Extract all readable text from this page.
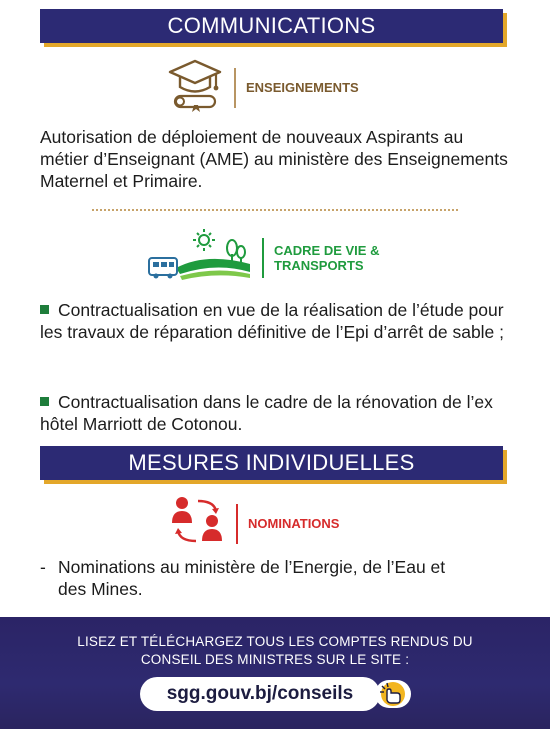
COMMUNICATIONS
ENSEIGNEMENTS
Autorisation de déploiement de nouveaux Aspirants au métier d’Enseignant (AME) au ministère des Enseignements Maternel et Primaire.
CADRE DE VIE &
TRANSPORTS
Contractualisation en vue de la réalisation de l’étude pour les travaux de réparation définitive de l’Epi d’arrêt de sable ;
Contractualisation dans le cadre de la rénovation de l’ex hôtel Marriott de Cotonou.
MESURES INDIVIDUELLES
NOMINATIONS
- Nominations au ministère de l’Energie, de l’Eau et des Mines.
LISEZ ET TÉLÉCHARGEZ TOUS LES COMPTES RENDUS DU
CONSEIL DES MINISTRES SUR LE SITE :
sgg.gouv.bj/conseils
